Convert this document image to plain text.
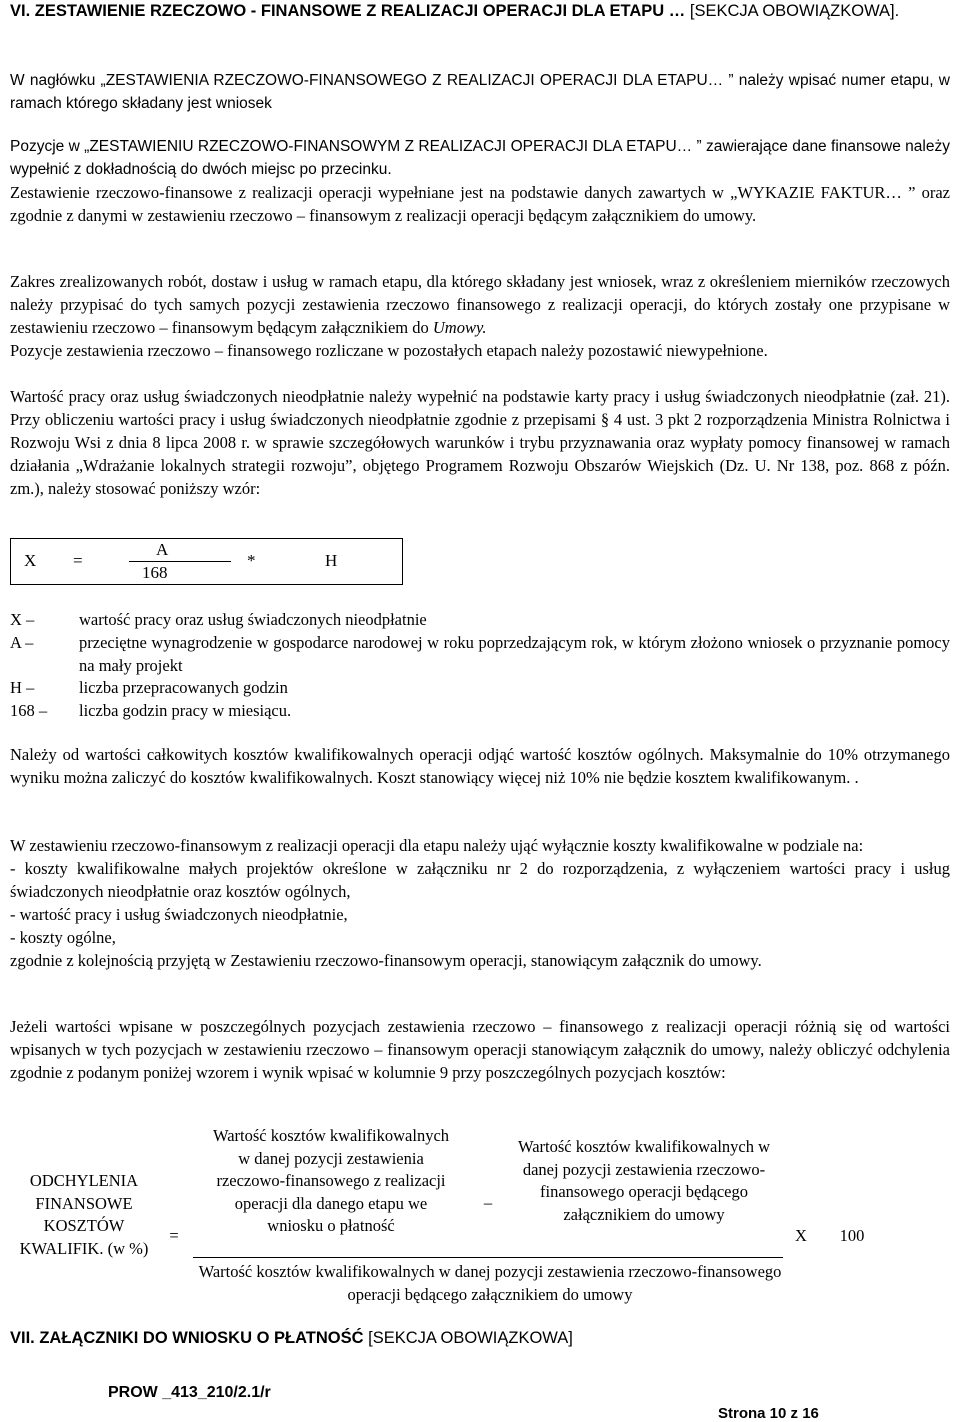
VI. ZESTAWIENIE RZECZOWO - FINANSOWE Z REALIZACJI OPERACJI DLA ETAPU … [SEKCJA OBOWIĄZKOWA].
W nagłówku „ZESTAWIENIA RZECZOWO-FINANSOWEGO Z REALIZACJI OPERACJI DLA ETAPU… ” należy wpisać numer etapu, w ramach którego składany jest wniosek
Pozycje w „ZESTAWIENIU RZECZOWO-FINANSOWYM Z REALIZACJI OPERACJI DLA ETAPU… ” zawierające dane finansowe należy wypełnić z dokładnością do dwóch miejsc po przecinku.
Zestawienie rzeczowo-finansowe z realizacji operacji wypełniane jest na podstawie danych zawartych w „WYKAZIE FAKTUR… ” oraz zgodnie z danymi w zestawieniu rzeczowo – finansowym z realizacji operacji będącym załącznikiem do umowy.
Zakres zrealizowanych robót, dostaw i usług w ramach etapu, dla którego składany jest wniosek, wraz z określeniem mierników rzeczowych należy przypisać do tych samych pozycji zestawienia rzeczowo finansowego z realizacji operacji, do których zostały one przypisane w zestawieniu rzeczowo – finansowym będącym załącznikiem do Umowy.
Pozycje zestawienia rzeczowo – finansowego rozliczane w pozostałych etapach należy pozostawić niewypełnione.
Wartość pracy oraz usług świadczonych nieodpłatnie należy wypełnić na podstawie karty pracy i usług świadczonych nieodpłatnie (zał. 21). Przy obliczeniu wartości pracy i usług świadczonych nieodpłatnie zgodnie z przepisami § 4 ust. 3 pkt 2 rozporządzenia Ministra Rolnictwa i Rozwoju Wsi z dnia 8 lipca 2008 r. w sprawie szczegółowych warunków i trybu przyznawania oraz wypłaty pomocy finansowej w ramach działania „Wdrażanie lokalnych strategii rozwoju”, objętego Programem Rozwoju Obszarów Wiejskich (Dz. U. Nr 138, poz. 868 z późn. zm.), należy stosować poniższy wzór:
X =
A
168
*	H
X –	wartość pracy oraz usług świadczonych nieodpłatnie
A –	przeciętne wynagrodzenie w gospodarce narodowej w roku poprzedzającym rok, w którym złożono wniosek o przyznanie pomocy na mały projekt
H –	liczba przepracowanych godzin
168 –	liczba godzin pracy w miesiącu.
Należy od wartości całkowitych kosztów kwalifikowalnych operacji odjąć wartość kosztów ogólnych. Maksymalnie do 10% otrzymanego wyniku można zaliczyć do kosztów kwalifikowalnych. Koszt stanowiący więcej niż 10% nie będzie kosztem kwalifikowanym. .
W zestawieniu rzeczowo-finansowym z realizacji operacji dla etapu należy ująć wyłącznie koszty kwalifikowalne w podziale na:
- koszty kwalifikowalne małych projektów określone w załączniku nr 2 do rozporządzenia, z wyłączeniem wartości pracy i usług świadczonych nieodpłatnie oraz kosztów ogólnych,
- wartość pracy i usług świadczonych nieodpłatnie,
- koszty ogólne,
zgodnie z kolejnością przyjętą w Zestawieniu rzeczowo-finansowym operacji, stanowiącym załącznik do umowy.
Jeżeli wartości wpisane w poszczególnych pozycjach zestawienia rzeczowo – finansowego z realizacji operacji różnią się od wartości wpisanych w tych pozycjach w zestawieniu rzeczowo – finansowym operacji stanowiącym załącznik do umowy, należy obliczyć odchylenia zgodnie z podanym poniżej wzorem i wynik wpisać w kolumnie 9 przy poszczególnych pozycjach kosztów:
ODCHYLENIA FINANSOWE KOSZTÓW KWALIFIK. (w %)
=
Wartość kosztów kwalifikowalnych w danej pozycji zestawienia rzeczowo-finansowego z realizacji operacji dla danego etapu we wniosku o płatność
–
Wartość kosztów kwalifikowalnych w danej pozycji zestawienia rzeczowo-finansowego operacji będącego załącznikiem do umowy
Wartość kosztów kwalifikowalnych w danej pozycji zestawienia rzeczowo-finansowego operacji będącego załącznikiem do umowy
X	100
VII. ZAŁĄCZNIKI DO WNIOSKU O PŁATNOŚĆ [SEKCJA OBOWIĄZKOWA]
PROW _413_210/2.1/r
Strona 10 z 16
